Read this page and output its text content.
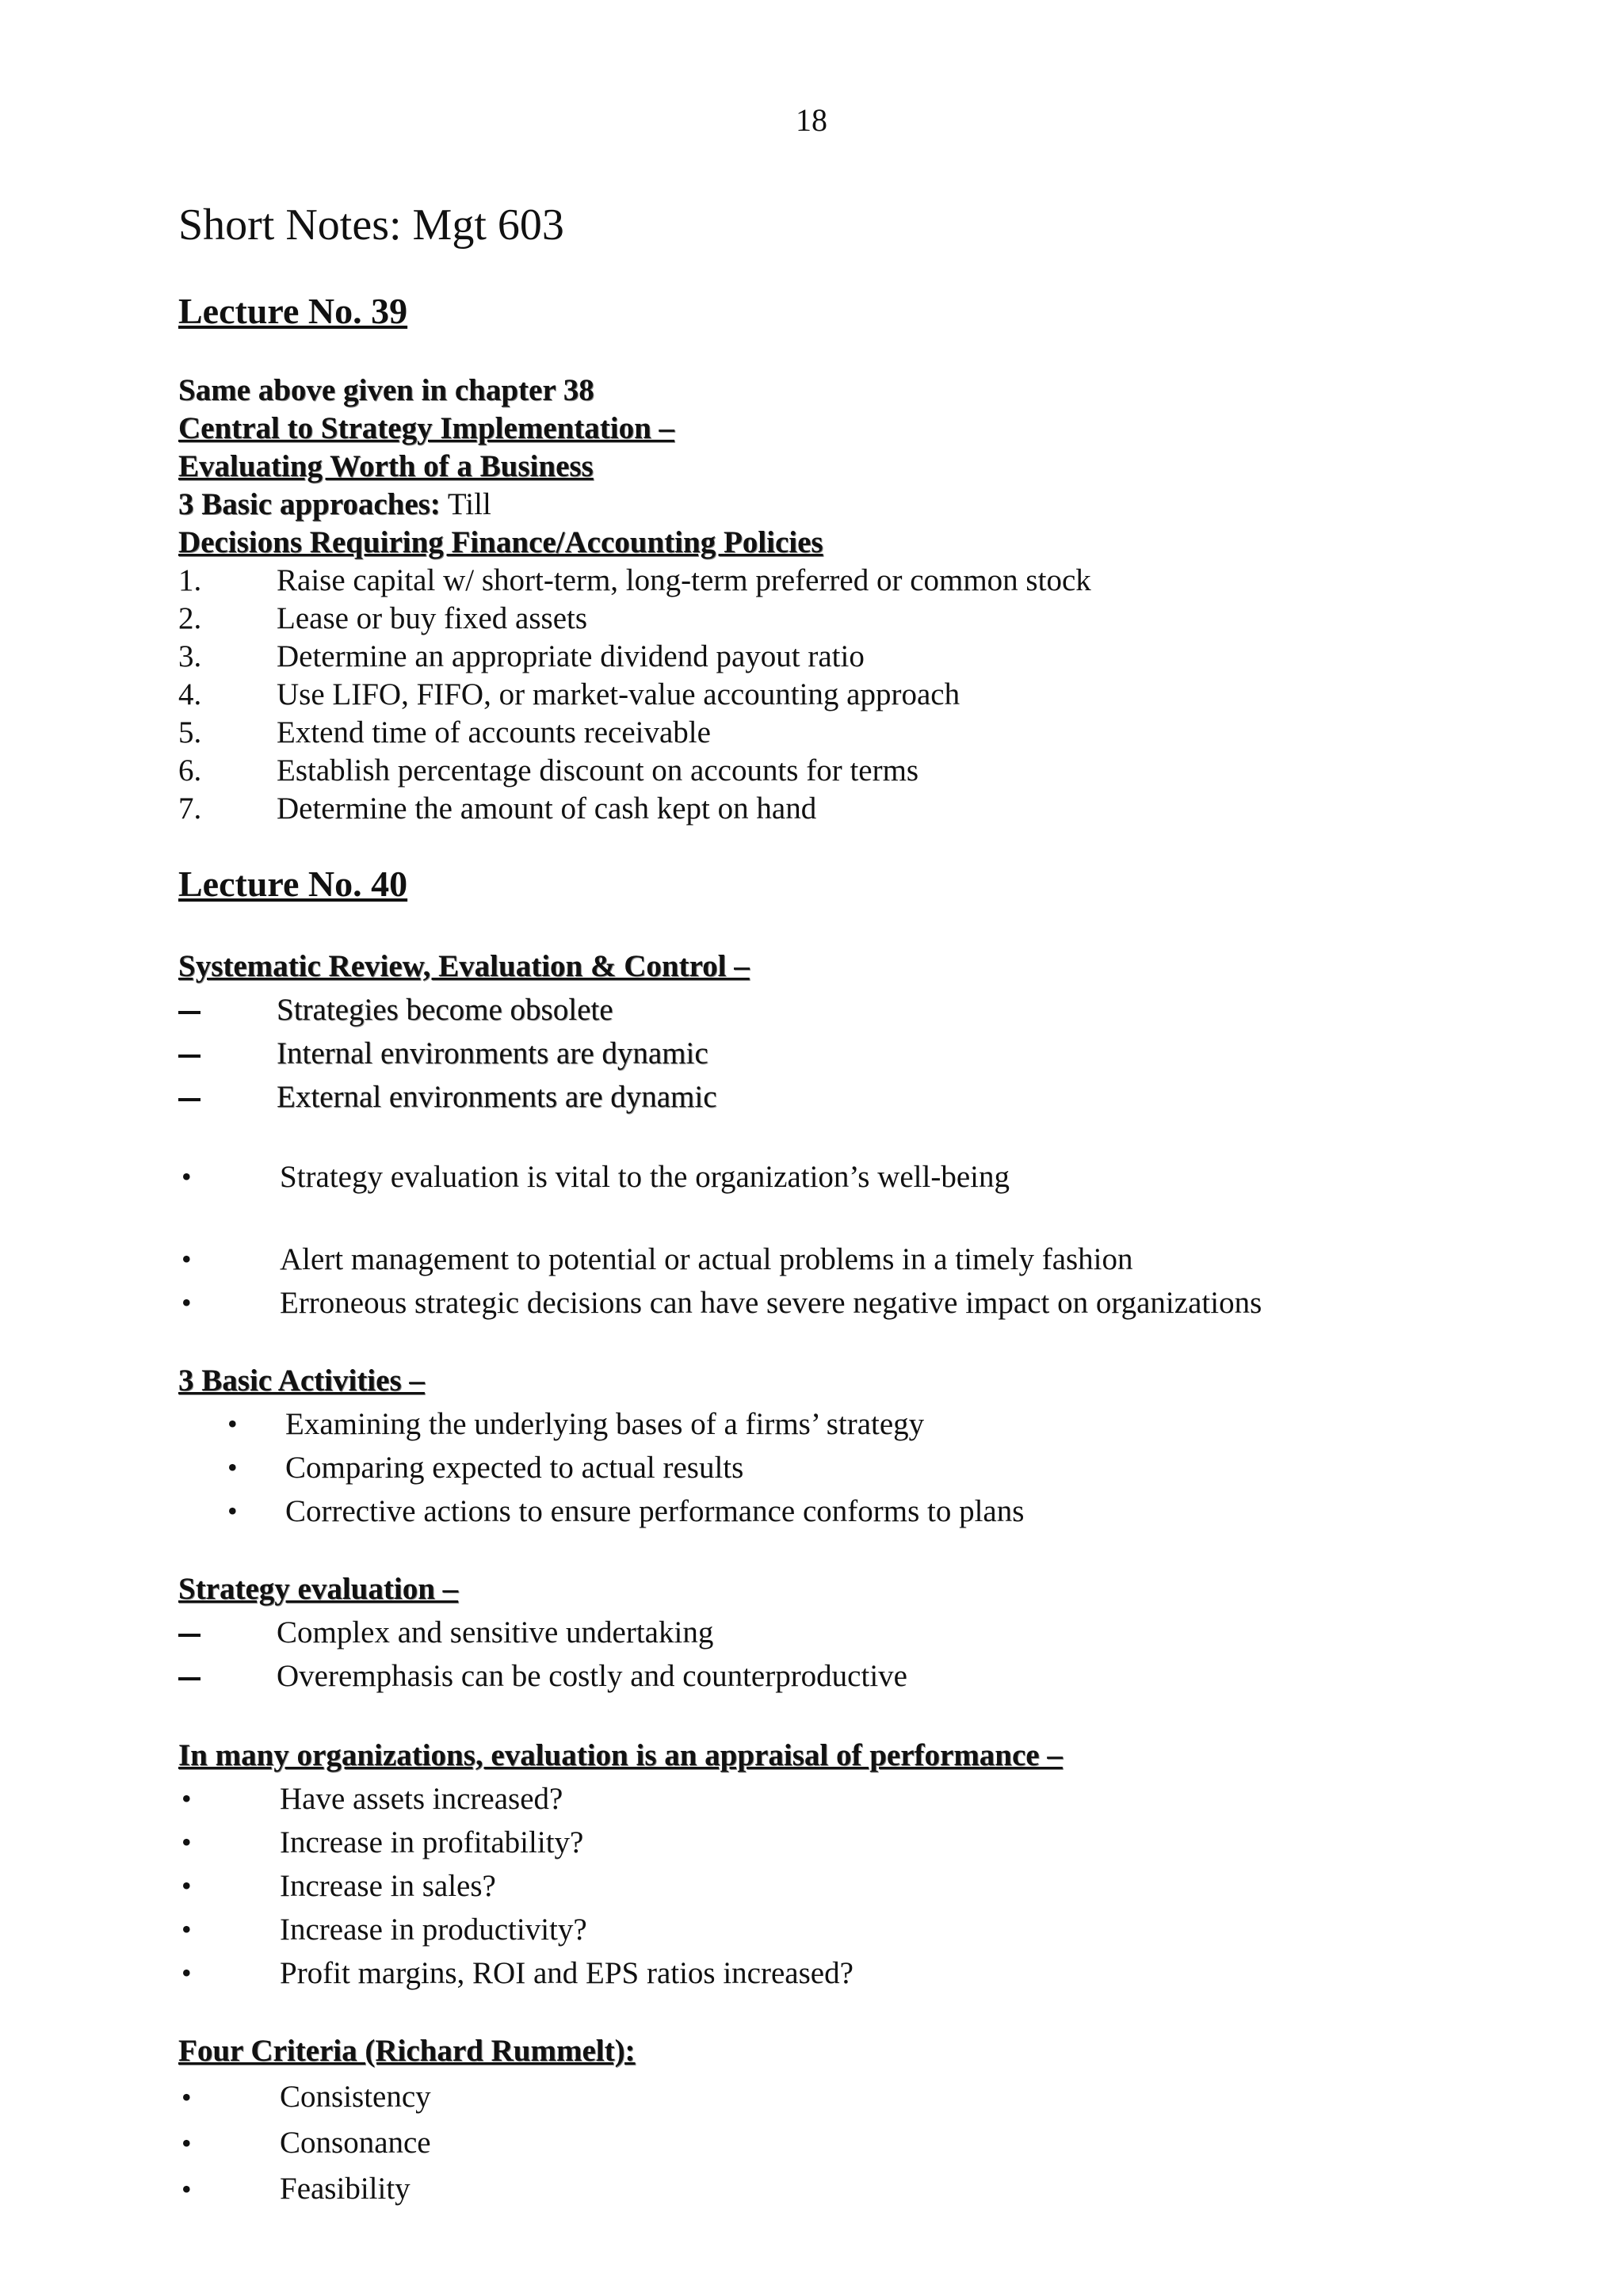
18
Short Notes: Mgt 603
Lecture No. 39
Same above given in chapter 38
Central to Strategy Implementation –
Evaluating Worth of a Business
3 Basic approaches: Till
Decisions Requiring Finance/Accounting Policies
1.	Raise capital w/ short-term, long-term preferred or common stock
2.	Lease or buy fixed assets
3.	Determine an appropriate dividend payout ratio
4.	Use LIFO, FIFO, or market-value accounting approach
5.	Extend time of accounts receivable
6.	Establish percentage discount on accounts for terms
7.	Determine the amount of cash kept on hand
Lecture No. 40
Systematic Review, Evaluation & Control –
Strategies become obsolete
Internal environments are dynamic
External environments are dynamic
•	Strategy evaluation is vital to the organization’s well-being
•	Alert management to potential or actual problems in a timely fashion
•	Erroneous strategic decisions can have severe negative impact on organizations
3 Basic Activities –
•	Examining the underlying bases of a firms’ strategy
•	Comparing expected to actual results
•	Corrective actions to ensure performance conforms to plans
Strategy evaluation –
Complex and sensitive undertaking
Overemphasis can be costly and counterproductive
In many organizations, evaluation is an appraisal of performance –
•	Have assets increased?
•	Increase in profitability?
•	Increase in sales?
•	Increase in productivity?
•	Profit margins, ROI and EPS ratios increased?
Four Criteria (Richard Rummelt):
•	Consistency
•	Consonance
•	Feasibility
